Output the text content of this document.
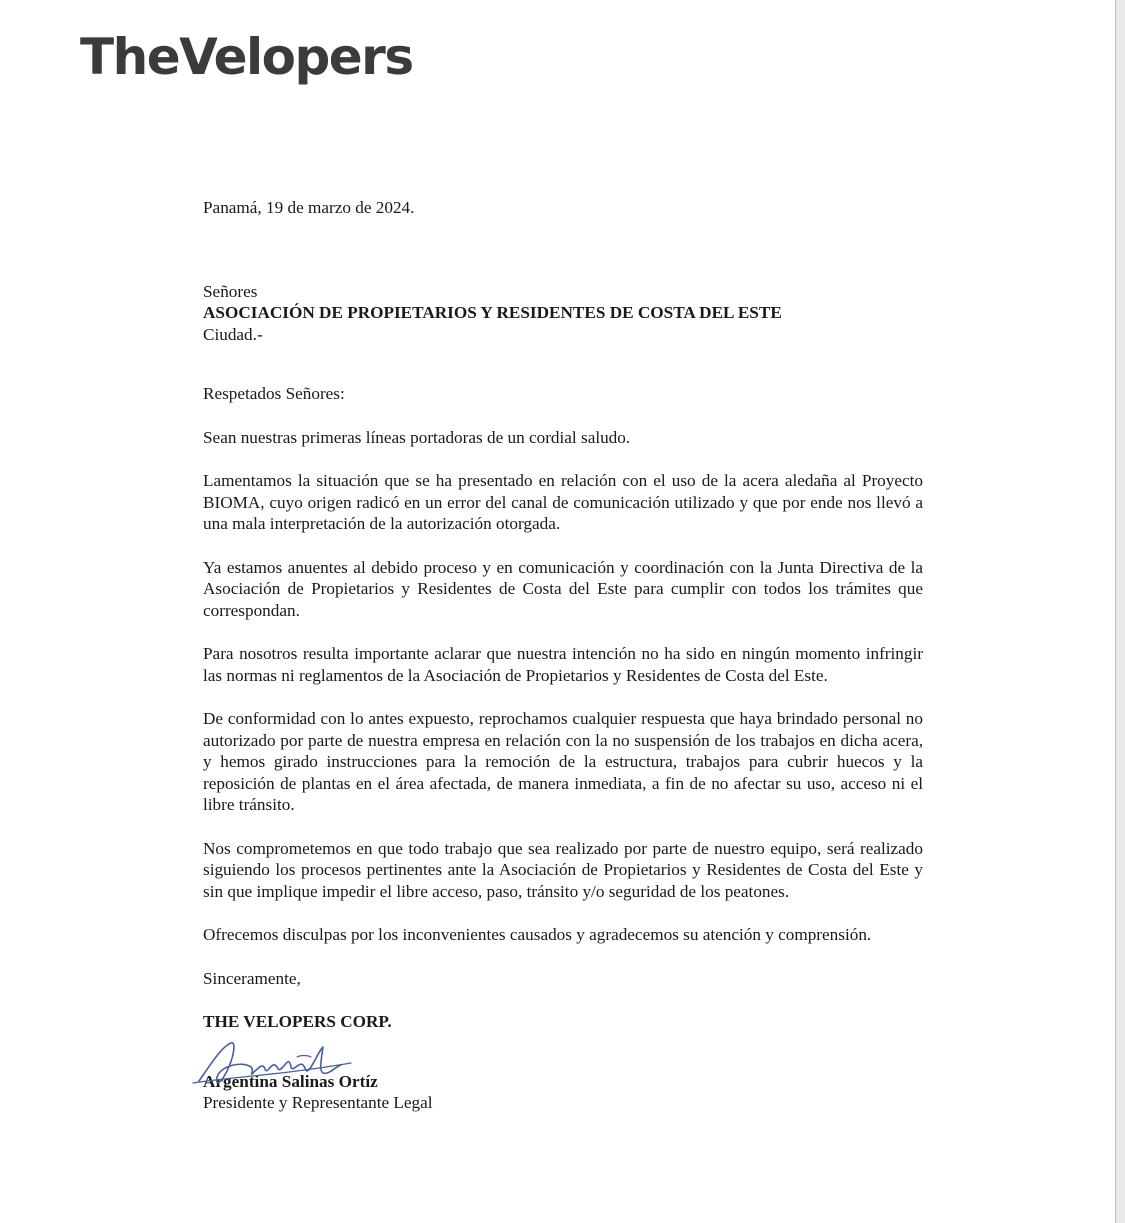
TheVelopers

Panamá, 19 de marzo de 2024.

Señores

ASOCIACIÓN DE PROPIETARIOS Y RESIDENTES DE COSTA DEL ESTE

Ciudad.-

Respetados Señores:

Sean nuestras primeras líneas portadoras de un cordial saludo.

Lamentamos la situación que se ha presentado en relación con el uso de la acera aledaña al Proyecto BIOMA, cuyo origen radicó en un error del canal de comunicación utilizado y que por ende nos llevó a una mala interpretación de la autorización otorgada.

Ya estamos anuentes al debido proceso y en comunicación y coordinación con la Junta Directiva de la Asociación de Propietarios y Residentes de Costa del Este para cumplir con todos los trámites que correspondan.

Para nosotros resulta importante aclarar que nuestra intención no ha sido en ningún momento infringir las normas ni reglamentos de la Asociación de Propietarios y Residentes de Costa del Este.

De conformidad con lo antes expuesto, reprochamos cualquier respuesta que haya brindado personal no autorizado por parte de nuestra empresa en relación con la no suspensión de los trabajos en dicha acera, y hemos girado instrucciones para la remoción de la estructura, trabajos para cubrir huecos y la reposición de plantas en el área afectada, de manera inmediata, a fin de no afectar su uso, acceso ni el libre tránsito.

Nos comprometemos en que todo trabajo que sea realizado por parte de nuestro equipo, será realizado siguiendo los procesos pertinentes ante la Asociación de Propietarios y Residentes de Costa del Este y sin que implique impedir el libre acceso, paso, tránsito y/o seguridad de los peatones.

Ofrecemos disculpas por los inconvenientes causados y agradecemos su atención y comprensión.

Sinceramente,

THE VELOPERS CORP.

Argentina Salinas Ortíz

Presidente y Representante Legal
